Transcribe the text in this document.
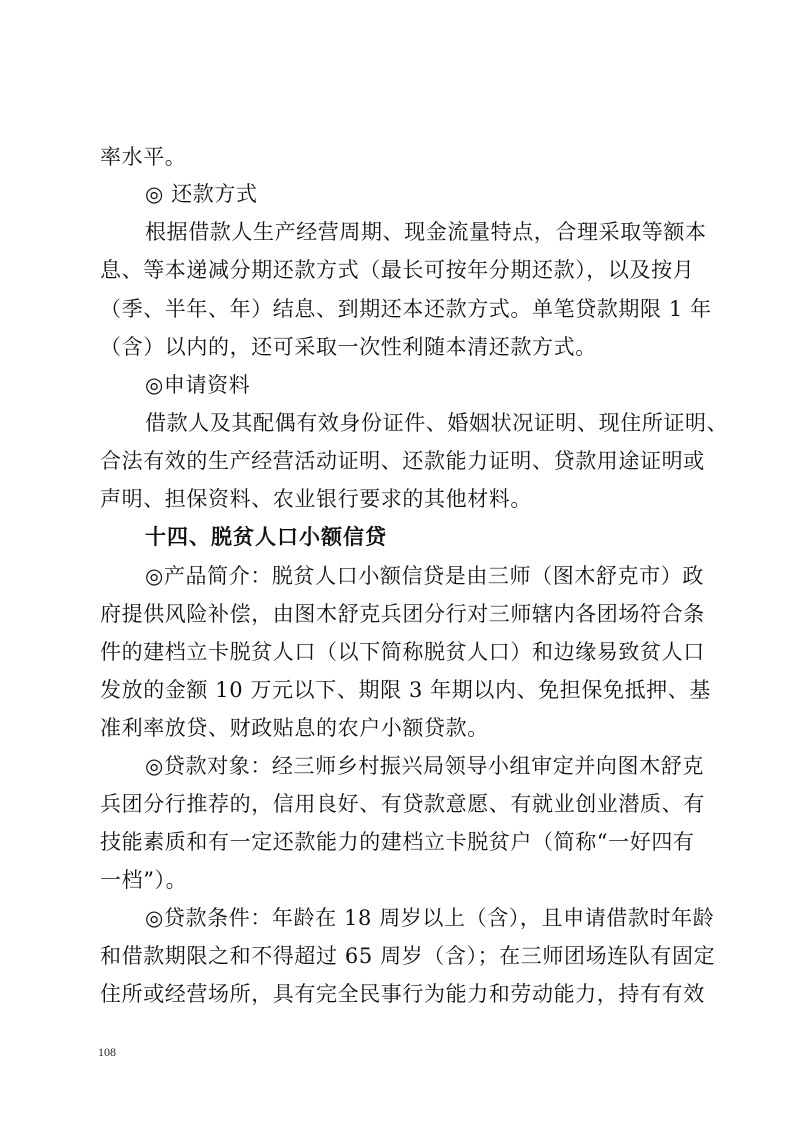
率水平。
◎ 还款方式
根据借款人生产经营周期、现金流量特点，合理采取等额本
息、等本递减分期还款方式（最长可按年分期还款），以及按月
（季、半年、年）结息、到期还本还款方式。单笔贷款期限 1 年
（含）以内的，还可采取一次性利随本清还款方式。
◎申请资料
借款人及其配偶有效身份证件、婚姻状况证明、现住所证明、
合法有效的生产经营活动证明、还款能力证明、贷款用途证明或
声明、担保资料、农业银行要求的其他材料。
十四、脱贫人口小额信贷
◎产品简介：脱贫人口小额信贷是由三师（图木舒克市）政
府提供风险补偿，由图木舒克兵团分行对三师辖内各团场符合条
件的建档立卡脱贫人口（以下简称脱贫人口）和边缘易致贫人口
发放的金额 10 万元以下、期限 3 年期以内、免担保免抵押、基
准利率放贷、财政贴息的农户小额贷款。
◎贷款对象：经三师乡村振兴局领导小组审定并向图木舒克
兵团分行推荐的，信用良好、有贷款意愿、有就业创业潜质、有
技能素质和有一定还款能力的建档立卡脱贫户（简称“一好四有
一档”）。
◎贷款条件：年龄在 18 周岁以上（含），且申请借款时年龄
和借款期限之和不得超过 65 周岁（含）；在三师团场连队有固定
住所或经营场所，具有完全民事行为能力和劳动能力，持有有效
108
